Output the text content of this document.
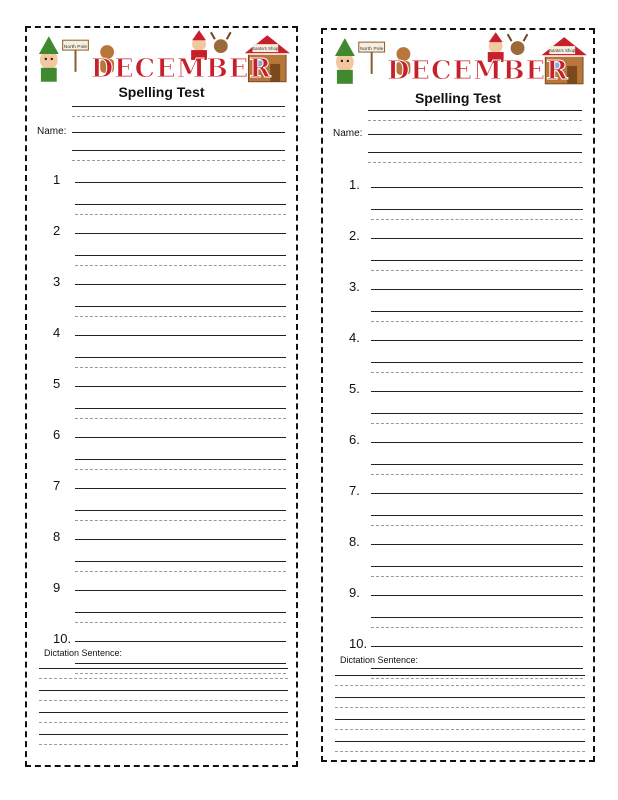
North Pole	Santa's Shop
DECEMBER
Spelling Test
Name:
1
2
3
4
5
6
7
8
9
10.
Dictation Sentence:
North Pole	Santa's Shop
DECEMBER
Spelling Test
Name:
1.
2.
3.
4.
5.
6.
7.
8.
9.
10.
Dictation Sentence:
